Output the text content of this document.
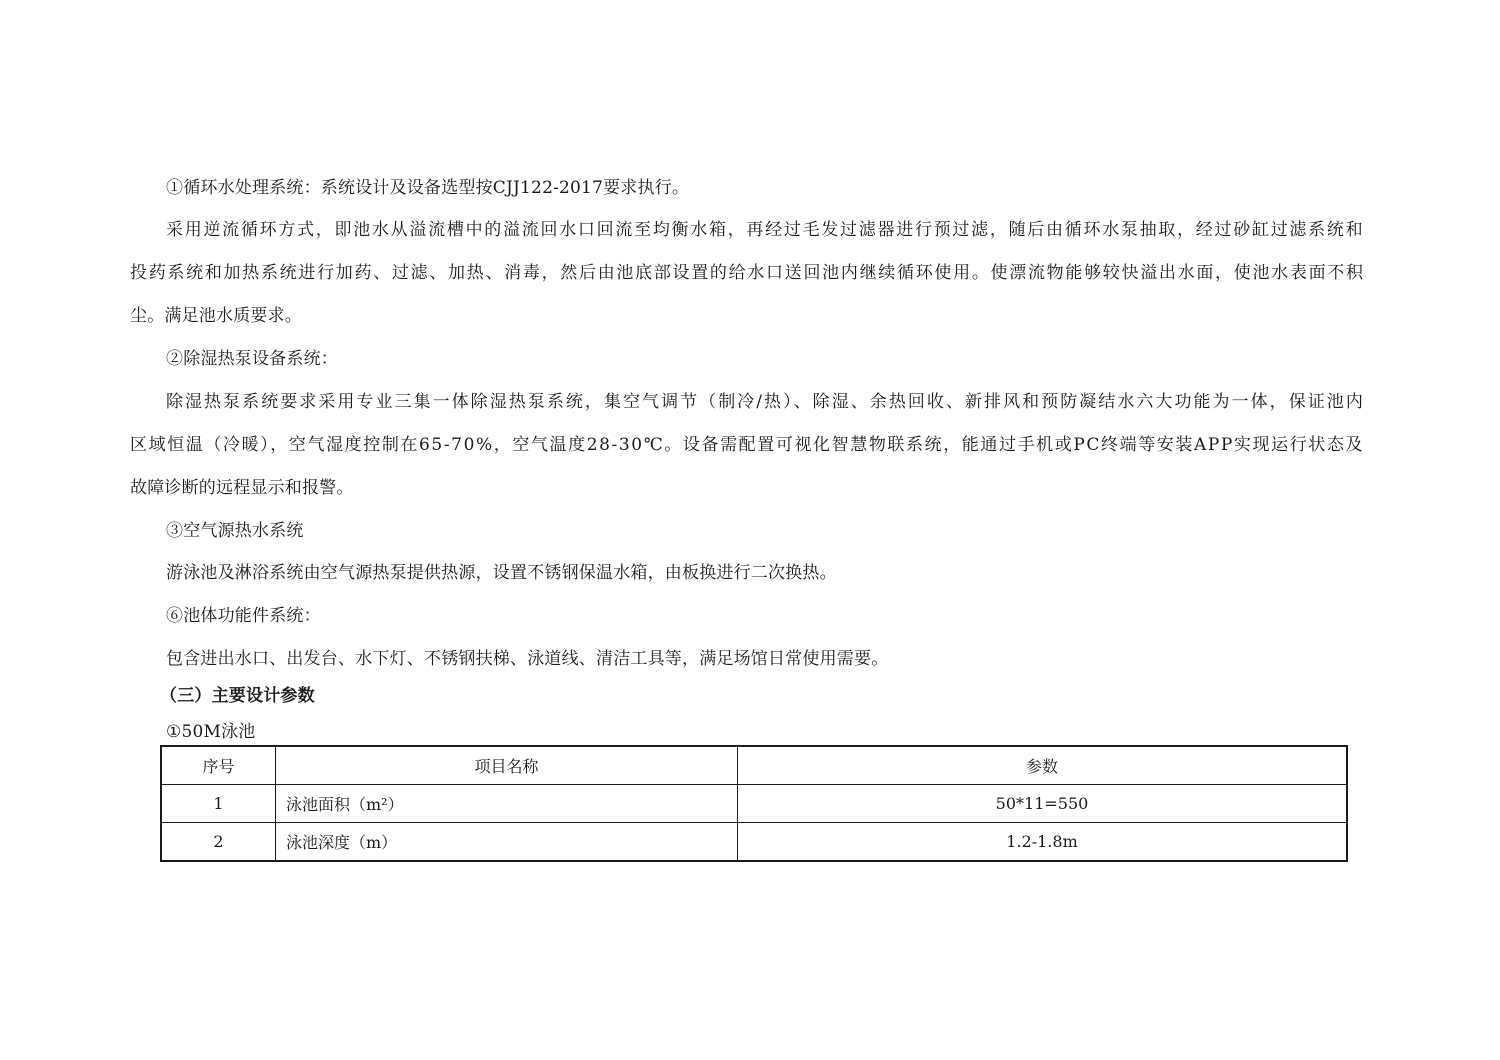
①循环水处理系统：系统设计及设备选型按CJJ122-2017要求执行。
采用逆流循环方式，即池水从溢流槽中的溢流回水口回流至均衡水箱，再经过毛发过滤器进行预过滤，随后由循环水泵抽取，经过砂缸过滤系统和
投药系统和加热系统进行加药、过滤、加热、消毒，然后由池底部设置的给水口送回池内继续循环使用。使漂流物能够较快溢出水面，使池水表面不积
尘。满足池水质要求。
②除湿热泵设备系统：
除湿热泵系统要求采用专业三集一体除湿热泵系统，集空气调节（制冷/热）、除湿、余热回收、新排风和预防凝结水六大功能为一体，保证池内
区域恒温（冷暖），空气湿度控制在65-70%，空气温度28-30℃。设备需配置可视化智慧物联系统，能通过手机或PC终端等安装APP实现运行状态及
故障诊断的远程显示和报警。
③空气源热水系统
游泳池及淋浴系统由空气源热泵提供热源，设置不锈钢保温水箱，由板换进行二次换热。
⑥池体功能件系统：
包含进出水口、出发台、水下灯、不锈钢扶梯、泳道线、清洁工具等，满足场馆日常使用需要。
（三）主要设计参数
①50M泳池
序号	项目名称	参数
1	泳池面积（m²）	50*11=550
2	泳池深度（m）	1.2-1.8m
